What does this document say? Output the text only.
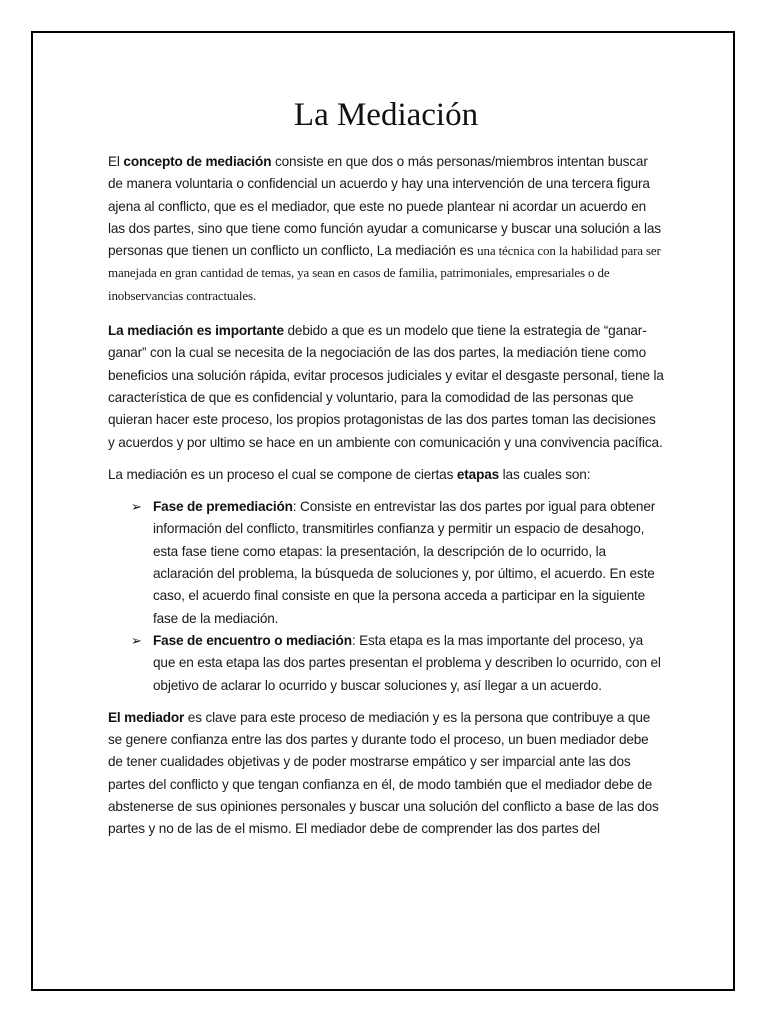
La Mediación

El concepto de mediación consiste en que dos o más personas/miembros intentan buscar de manera voluntaria o confidencial un acuerdo y hay una intervención de una tercera figura ajena al conflicto, que es el mediador, que este no puede plantear ni acordar un acuerdo en las dos partes, sino que tiene como función ayudar a comunicarse y buscar una solución a las personas que tienen un conflicto un conflicto, La mediación es una técnica con la habilidad para ser manejada en gran cantidad de temas, ya sean en casos de familia, patrimoniales, empresariales o de inobservancias contractuales.

La mediación es importante debido a que es un modelo que tiene la estrategia de “ganar-ganar” con la cual se necesita de la negociación de las dos partes, la mediación tiene como beneficios una solución rápida, evitar procesos judiciales y evitar el desgaste personal, tiene la característica de que es confidencial y voluntario, para la comodidad de las personas que quieran hacer este proceso, los propios protagonistas de las dos partes toman las decisiones y acuerdos y por ultimo se hace en un ambiente con comunicación y una convivencia pacífica.

La mediación es un proceso el cual se compone de ciertas etapas las cuales son:

➢ Fase de premediación: Consiste en entrevistar las dos partes por igual para obtener información del conflicto, transmitirles confianza y permitir un espacio de desahogo, esta fase tiene como etapas: la presentación, la descripción de lo ocurrido, la aclaración del problema, la búsqueda de soluciones y, por último, el acuerdo. En este caso, el acuerdo final consiste en que la persona acceda a participar en la siguiente fase de la mediación.
➢ Fase de encuentro o mediación: Esta etapa es la mas importante del proceso, ya que en esta etapa las dos partes presentan el problema y describen lo ocurrido, con el objetivo de aclarar lo ocurrido y buscar soluciones y, así llegar a un acuerdo.

El mediador es clave para este proceso de mediación y es la persona que contribuye a que se genere confianza entre las dos partes y durante todo el proceso, un buen mediador debe de tener cualidades objetivas y de poder mostrarse empático y ser imparcial ante las dos partes del conflicto y que tengan confianza en él, de modo también que el mediador debe de abstenerse de sus opiniones personales y buscar una solución del conflicto a base de las dos partes y no de las de el mismo. El mediador debe de comprender las dos partes del
